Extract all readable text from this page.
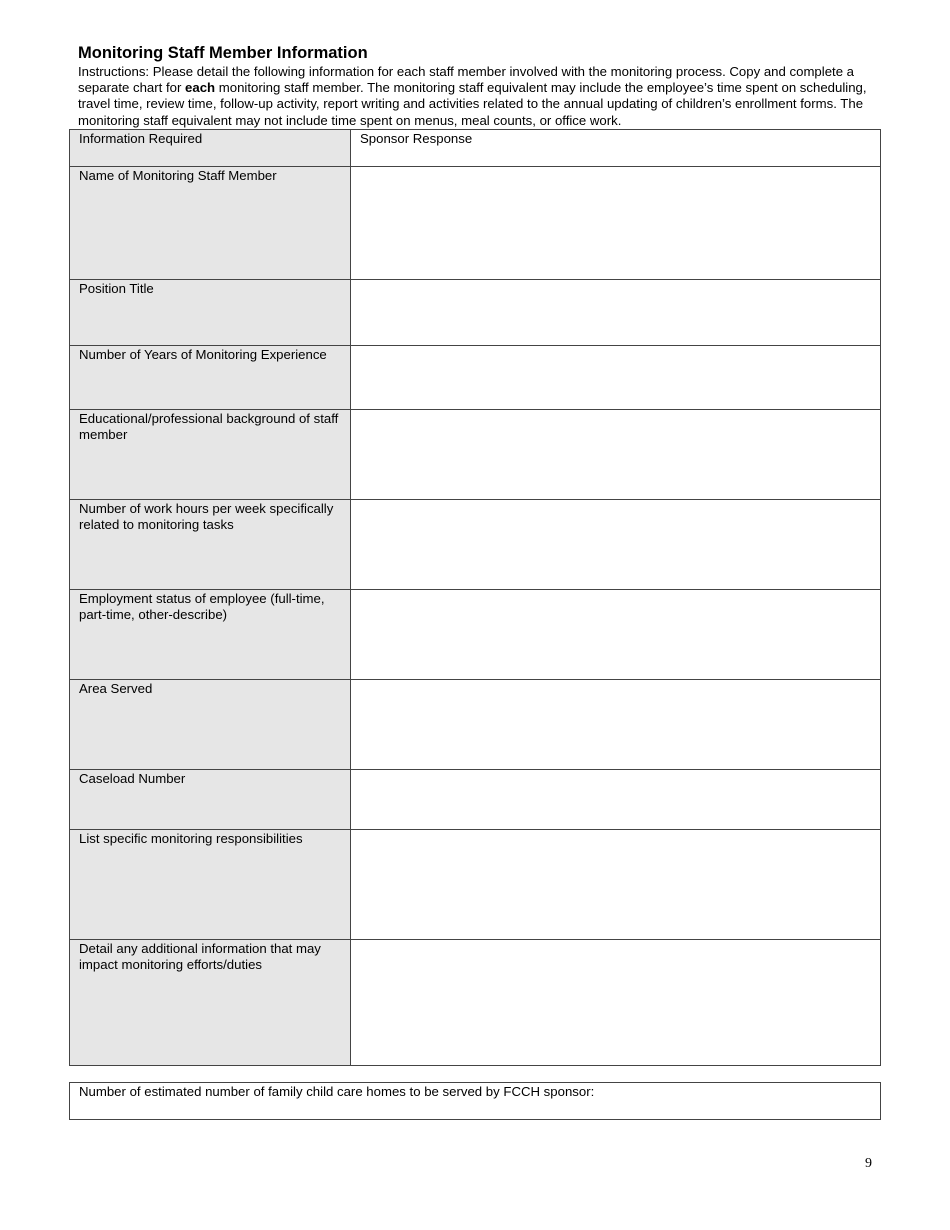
Monitoring Staff Member Information
Instructions: Please detail the following information for each staff member involved with the monitoring process. Copy and complete a separate chart for each monitoring staff member. The monitoring staff equivalent may include the employee’s time spent on scheduling, travel time, review time, follow-up activity, report writing and activities related to the annual updating of children’s enrollment forms. The monitoring staff equivalent may not include time spent on menus, meal counts, or office work.
Information Required	Sponsor Response
Name of Monitoring Staff Member	
Position Title	
Number of Years of Monitoring Experience	
Educational/professional background of staff member	
Number of work hours per week specifically related to monitoring tasks	
Employment status of employee (full-time, part-time, other-describe)	
Area Served	
Caseload Number	
List specific monitoring responsibilities	
Detail any additional information that may impact monitoring efforts/duties	
Number of estimated number of family child care homes to be served by FCCH sponsor:
9
